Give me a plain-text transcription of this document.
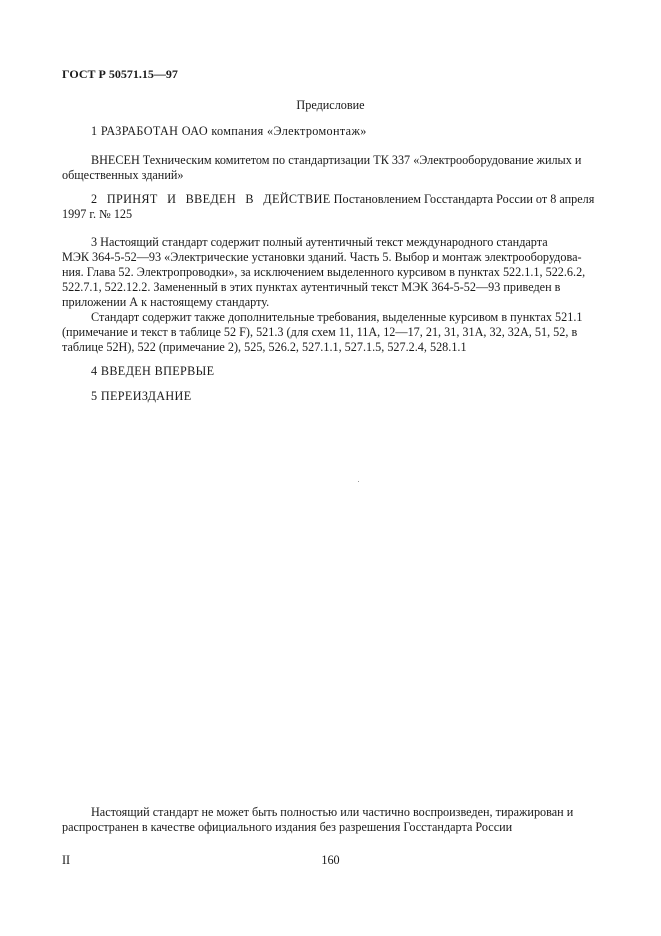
ГОСТ Р 50571.15—97
Предисловие
1 РАЗРАБОТАН ОАО компания «Электромонтаж»
ВНЕСЕН Техническим комитетом по стандартизации ТК 337 «Электрооборудование жилых и
общественных зданий»
2 ПРИНЯТ И ВВЕДЕН В ДЕЙСТВИЕ Постановлением Госстандарта России от 8 апреля
1997 г. № 125
3 Настоящий стандарт содержит полный аутентичный текст международного стандарта
МЭК 364-5-52—93 «Электрические установки зданий. Часть 5. Выбор и монтаж электрооборудова-
ния. Глава 52. Электропроводки», за исключением выделенного курсивом в пунктах 522.1.1, 522.6.2,
522.7.1, 522.12.2. Замененный в этих пунктах аутентичный текст МЭК 364-5-52—93 приведен в
приложении А к настоящему стандарту.
Стандарт содержит также дополнительные требования, выделенные курсивом в пунктах 521.1
(примечание и текст в таблице 52 F), 521.3 (для схем 11, 11А, 12—17, 21, 31, 31А, 32, 32А, 51, 52, в
таблице 52Н), 522 (примечание 2), 525, 526.2, 527.1.1, 527.1.5, 527.2.4, 528.1.1
4 ВВЕДЕН ВПЕРВЫЕ
5 ПЕРЕИЗДАНИЕ
Настоящий стандарт не может быть полностью или частично воспроизведен, тиражирован и
распространен в качестве официального издания без разрешения Госстандарта России
II	160
